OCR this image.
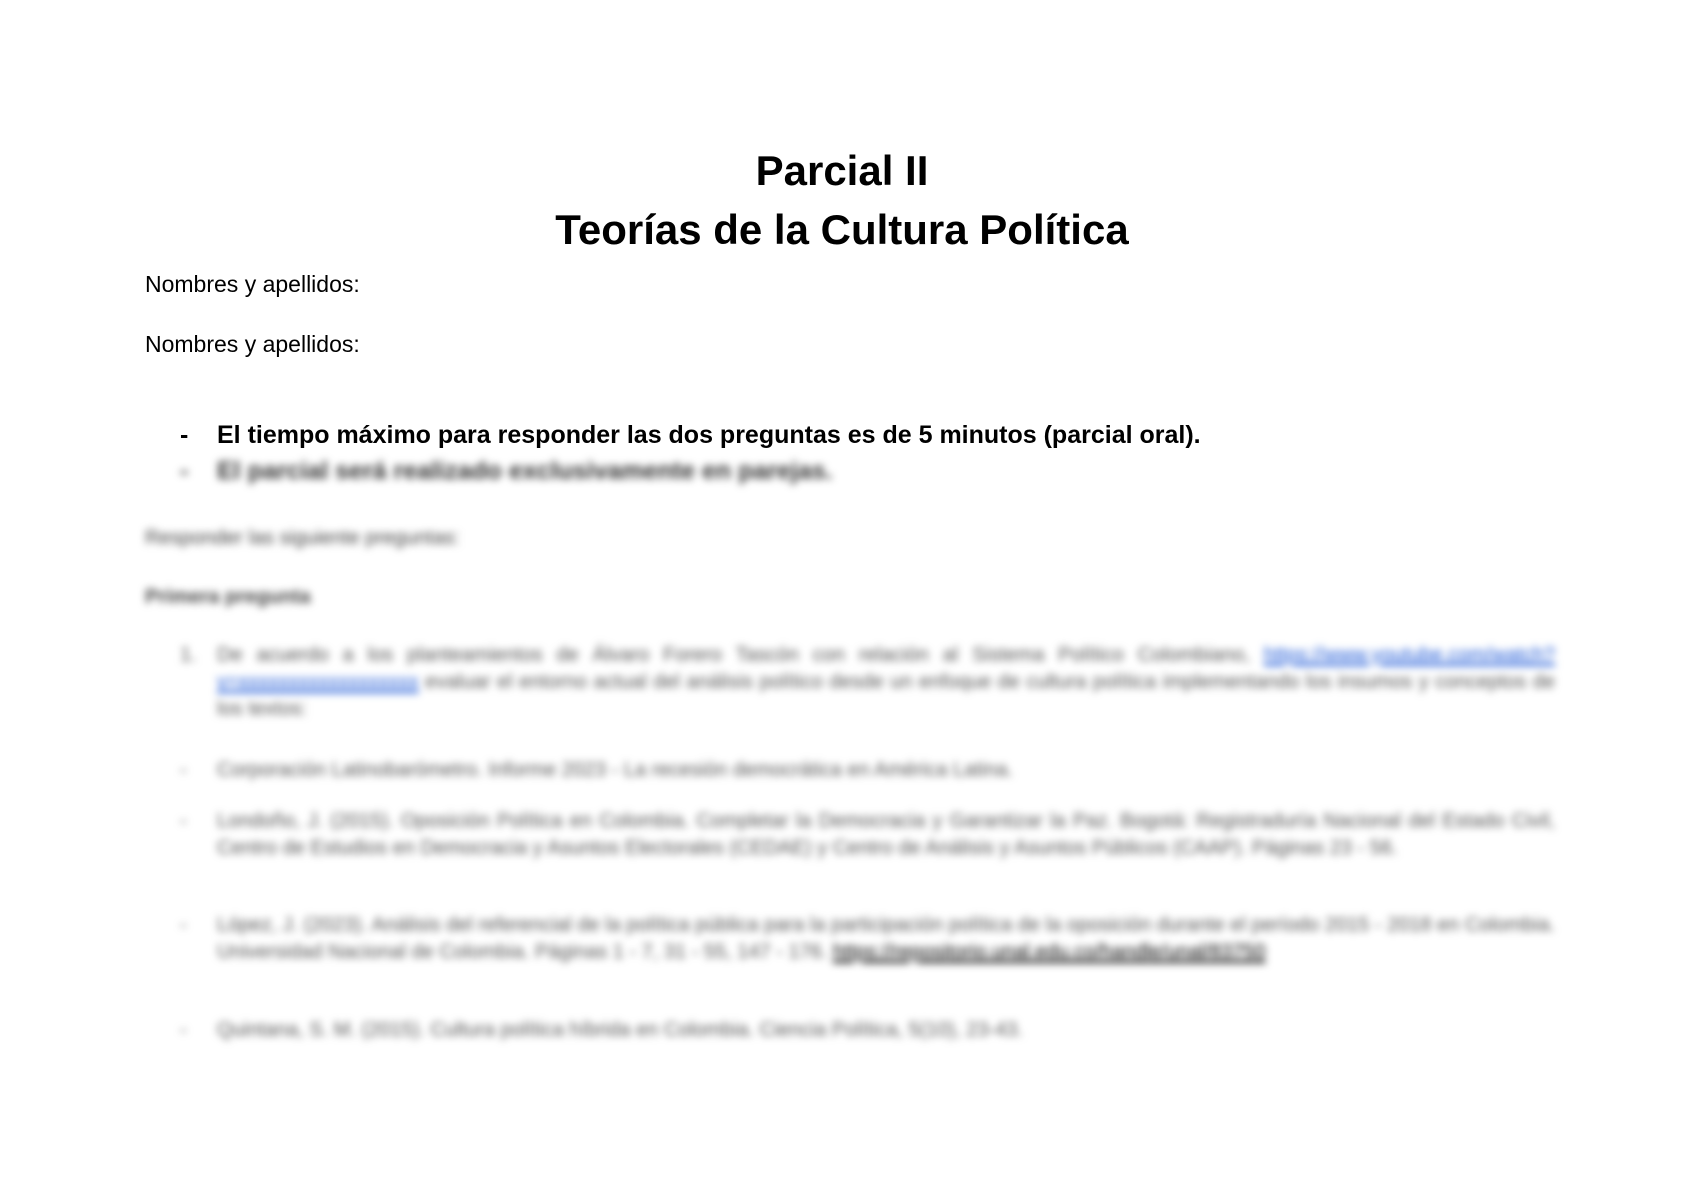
Parcial II
Teorías de la Cultura Política
Nombres y apellidos:
Nombres y apellidos:
-	El tiempo máximo para responder las dos preguntas es de 5 minutos (parcial oral).
-	El parcial será realizado exclusivamente en parejas.
Responder las siguiente preguntas:
Primera pregunta
1.	De acuerdo a los planteamientos de Álvaro Forero Tascón con relación al Sistema Político Colombiano, https://www.youtube.com/watch?v=xxxxxxxxxxxxxxxxxx evaluar el entorno actual del análisis político desde un enfoque de cultura política implementando los insumos y conceptos de los textos:
-	Corporación Latinobarómetro. Informe 2023 - La recesión democrática en América Latina.
-	Londoño, J. (2015). Oposición Política en Colombia. Completar la Democracia y Garantizar la Paz. Bogotá: Registraduría Nacional del Estado Civil, Centro de Estudios en Democracia y Asuntos Electorales (CEDAE) y Centro de Análisis y Asuntos Públicos (CAAP). Páginas 23 - 56.
-	López, J. (2023). Análisis del referencial de la política pública para la participación política de la oposición durante el período 2015 - 2018 en Colombia. Universidad Nacional de Colombia. Páginas 1 - 7, 31 - 55, 147 - 176. https://repositorio.unal.edu.co/handle/unal/83750
-	Quintana, S. M. (2015). Cultura política híbrida en Colombia. Ciencia Política, 5(10), 23-43.
